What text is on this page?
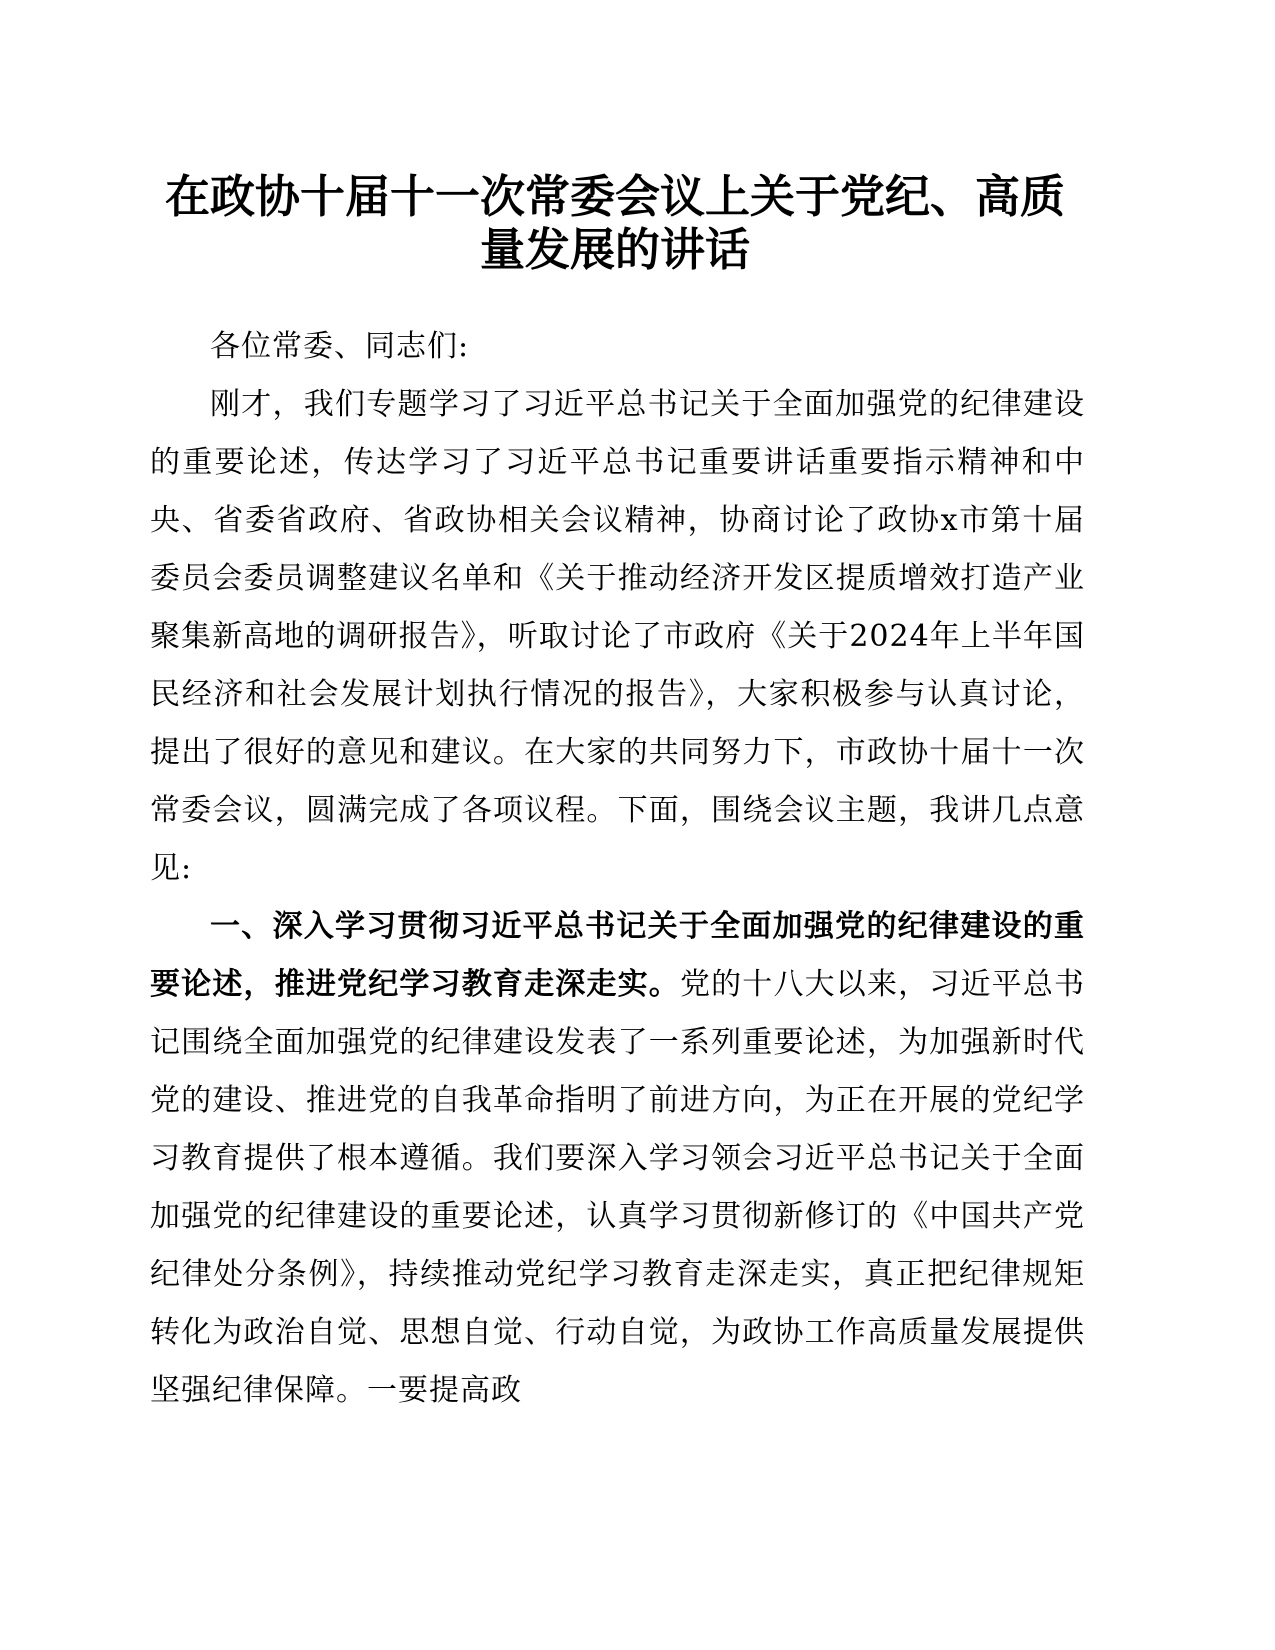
在政协十届十一次常委会议上关于党纪、高质量发展的讲话

各位常委、同志们:

刚才，我们专题学习了习近平总书记关于全面加强党的纪律建设的重要论述，传达学习了习近平总书记重要讲话重要指示精神和中央、省委省政府、省政协相关会议精神，协商讨论了政协x市第十届委员会委员调整建议名单和《关于推动经济开发区提质增效打造产业聚集新高地的调研报告》，听取讨论了市政府《关于2024年上半年国民经济和社会发展计划执行情况的报告》，大家积极参与认真讨论，提出了很好的意见和建议。在大家的共同努力下，市政协十届十一次常委会议，圆满完成了各项议程。下面，围绕会议主题，我讲几点意见:

一、深入学习贯彻习近平总书记关于全面加强党的纪律建设的重要论述，推进党纪学习教育走深走实。党的十八大以来，习近平总书记围绕全面加强党的纪律建设发表了一系列重要论述，为加强新时代党的建设、推进党的自我革命指明了前进方向，为正在开展的党纪学习教育提供了根本遵循。我们要深入学习领会习近平总书记关于全面加强党的纪律建设的重要论述，认真学习贯彻新修订的《中国共产党纪律处分条例》，持续推动党纪学习教育走深走实，真正把纪律规矩转化为政治自觉、思想自觉、行动自觉，为政协工作高质量发展提供坚强纪律保障。一要提高政
